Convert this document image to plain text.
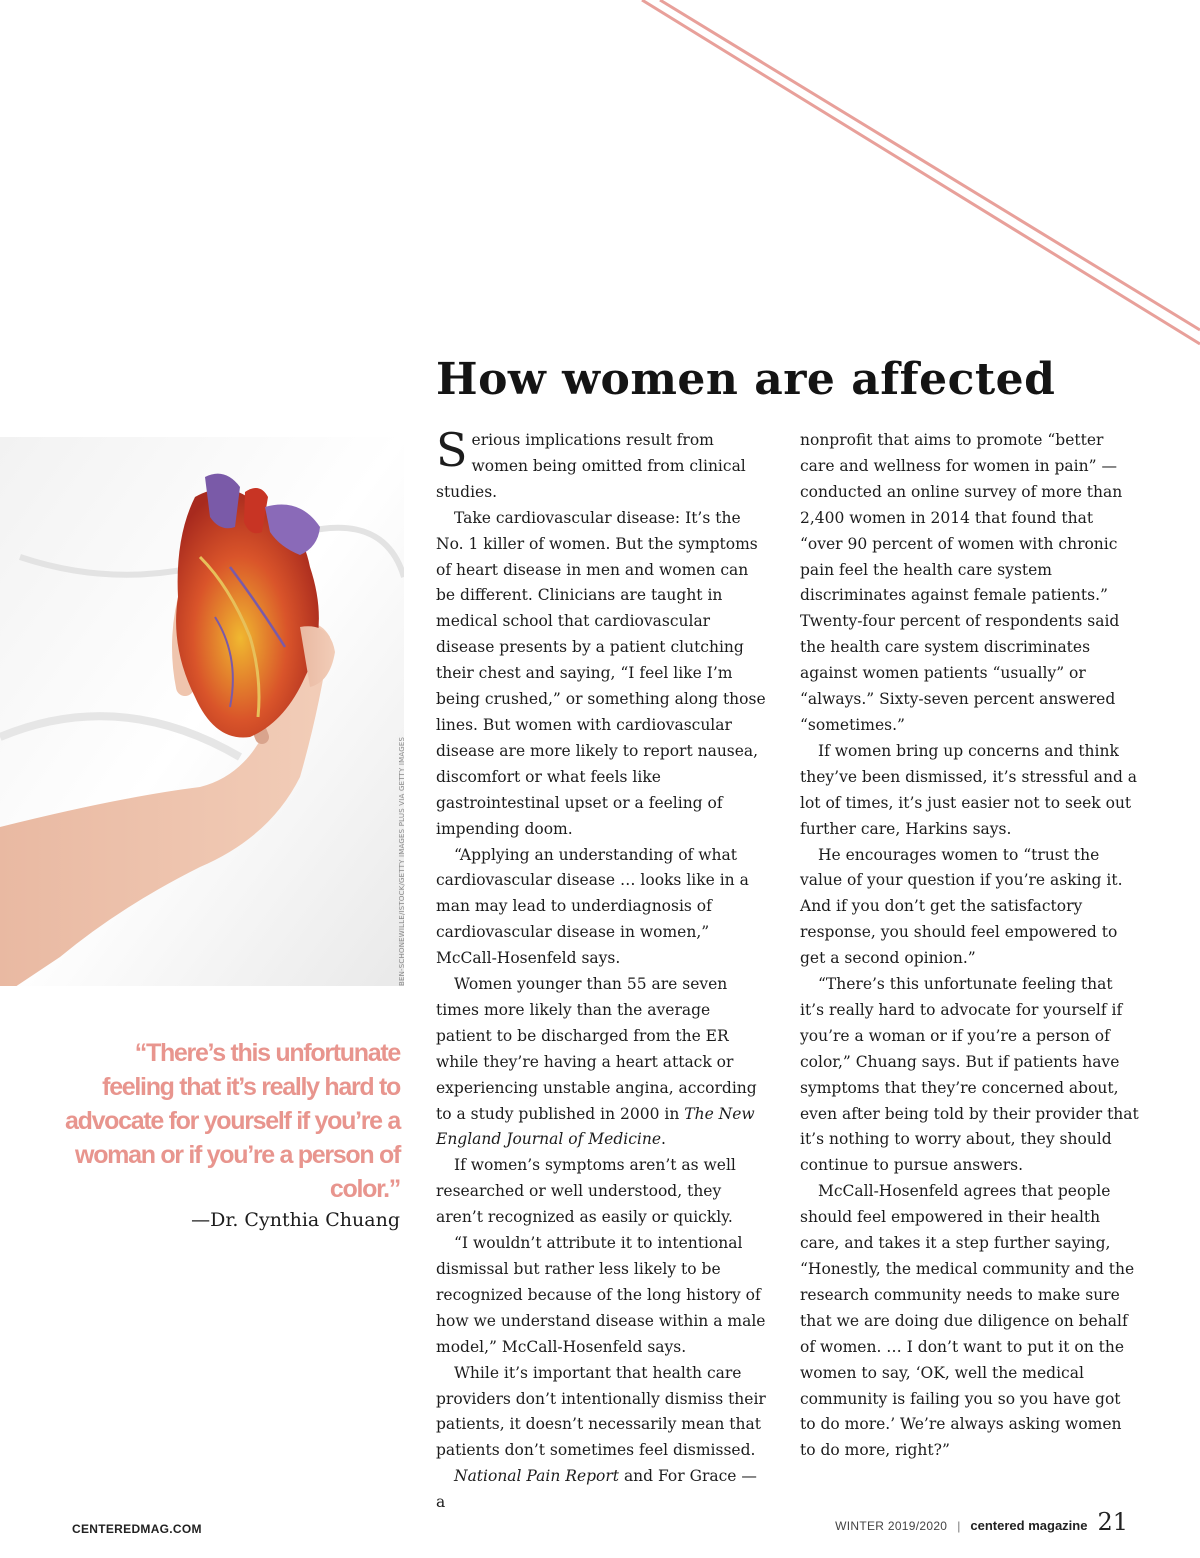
How women are affected
BEN-SCHONEWILLE/ISTOCK/GETTY IMAGES PLUS VIA GETTY IMAGES

“There’s this unfortunate feeling that it’s really hard to advocate for yourself if you’re a woman or if you’re a person of color.”

—Dr. Cynthia Chuang

Serious implications result from women being omitted from clinical studies.

Take cardiovascular disease: It’s the No. 1 killer of women. But the symptoms of heart disease in men and women can be different. Clinicians are taught in medical school that cardiovascular disease presents by a patient clutching their chest and saying, “I feel like I’m being crushed,” or something along those lines. But women with cardiovascular disease are more likely to report nausea, discomfort or what feels like gastrointestinal upset or a feeling of impending doom.

“Applying an understanding of what cardiovascular disease … looks like in a man may lead to underdiagnosis of cardiovascular disease in women,” McCall-Hosenfeld says.

Women younger than 55 are seven times more likely than the average patient to be discharged from the ER while they’re having a heart attack or experiencing unstable angina, according to a study published in 2000 in The New England Journal of Medicine.

If women’s symptoms aren’t as well researched or well understood, they aren’t recognized as easily or quickly.

“I wouldn’t attribute it to intentional dismissal but rather less likely to be recognized because of the long history of how we understand disease within a male model,” McCall-Hosenfeld says.

While it’s important that health care providers don’t intentionally dismiss their patients, it doesn’t necessarily mean that patients don’t sometimes feel dismissed.

National Pain Report and For Grace — a

nonprofit that aims to promote “better care and wellness for women in pain” — conducted an online survey of more than 2,400 women in 2014 that found that “over 90 percent of women with chronic pain feel the health care system discriminates against female patients.” Twenty-four percent of respondents said the health care system discriminates against women patients “usually” or “always.” Sixty-seven percent answered “sometimes.”

If women bring up concerns and think they’ve been dismissed, it’s stressful and a lot of times, it’s just easier not to seek out further care, Harkins says.

He encourages women to “trust the value of your question if you’re asking it. And if you don’t get the satisfactory response, you should feel empowered to get a second opinion.”

“There’s this unfortunate feeling that it’s really hard to advocate for yourself if you’re a woman or if you’re a person of color,” Chuang says. But if patients have symptoms that they’re concerned about, even after being told by their provider that it’s nothing to worry about, they should continue to pursue answers.

McCall-Hosenfeld agrees that people should feel empowered in their health care, and takes it a step further saying, “Honestly, the medical community and the research community needs to make sure that we are doing due diligence on behalf of women. … I don’t want to put it on the women to say, ‘OK, well the medical community is failing you so you have got to do more.’ We’re always asking women to do more, right?”

CENTEREDMAG.COM	WINTER 2019/2020 | centered magazine 21
